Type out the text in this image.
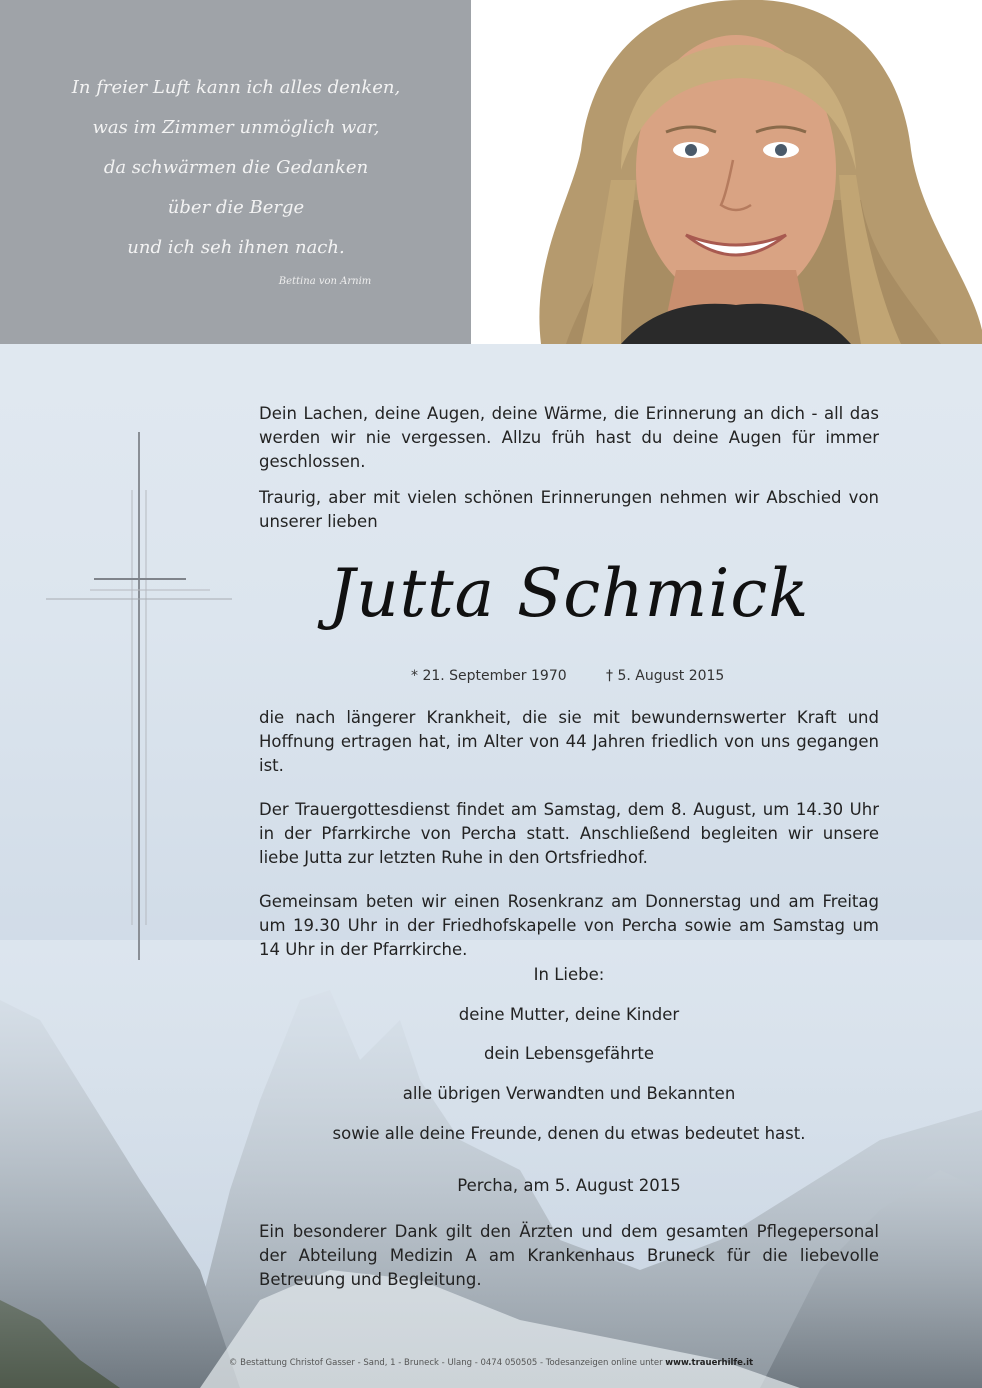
In freier Luft kann ich alles denken,
was im Zimmer unmöglich war,
da schwärmen die Gedanken
über die Berge
und ich seh ihnen nach.
Bettina von Arnim

Dein Lachen, deine Augen, deine Wärme, die Erinnerung an dich - all das werden wir nie vergessen. Allzu früh hast du deine Augen für immer geschlossen.

Traurig, aber mit vielen schönen Erinnerungen nehmen wir Abschied von unserer lieben

Jutta Schmick
* 21. September 1970	† 5. August 2015

die nach längerer Krankheit, die sie mit bewundernswerter Kraft und Hoffnung ertragen hat, im Alter von 44 Jahren friedlich von uns gegangen ist.

Der Trauergottesdienst findet am Samstag, dem 8. August, um 14.30 Uhr in der Pfarrkirche von Percha statt. Anschließend begleiten wir unsere liebe Jutta zur letzten Ruhe in den Ortsfriedhof.

Gemeinsam beten wir einen Rosenkranz am Donnerstag und am Freitag um 19.30 Uhr in der Friedhofskapelle von Percha sowie am Samstag um 14 Uhr in der Pfarrkirche.

In Liebe:
deine Mutter, deine Kinder
dein Lebensgefährte
alle übrigen Verwandten und Bekannten
sowie alle deine Freunde, denen du etwas bedeutet hast.
Percha, am 5. August 2015
Ein besonderer Dank gilt den Ärzten und dem gesamten Pflegepersonal der Abteilung Medizin A am Krankenhaus Bruneck für die liebevolle Betreuung und Begleitung.
© Bestattung Christof Gasser - Sand, 1 - Bruneck - Ulang - 0474 050505 - Todesanzeigen online unter www.trauerhilfe.it
